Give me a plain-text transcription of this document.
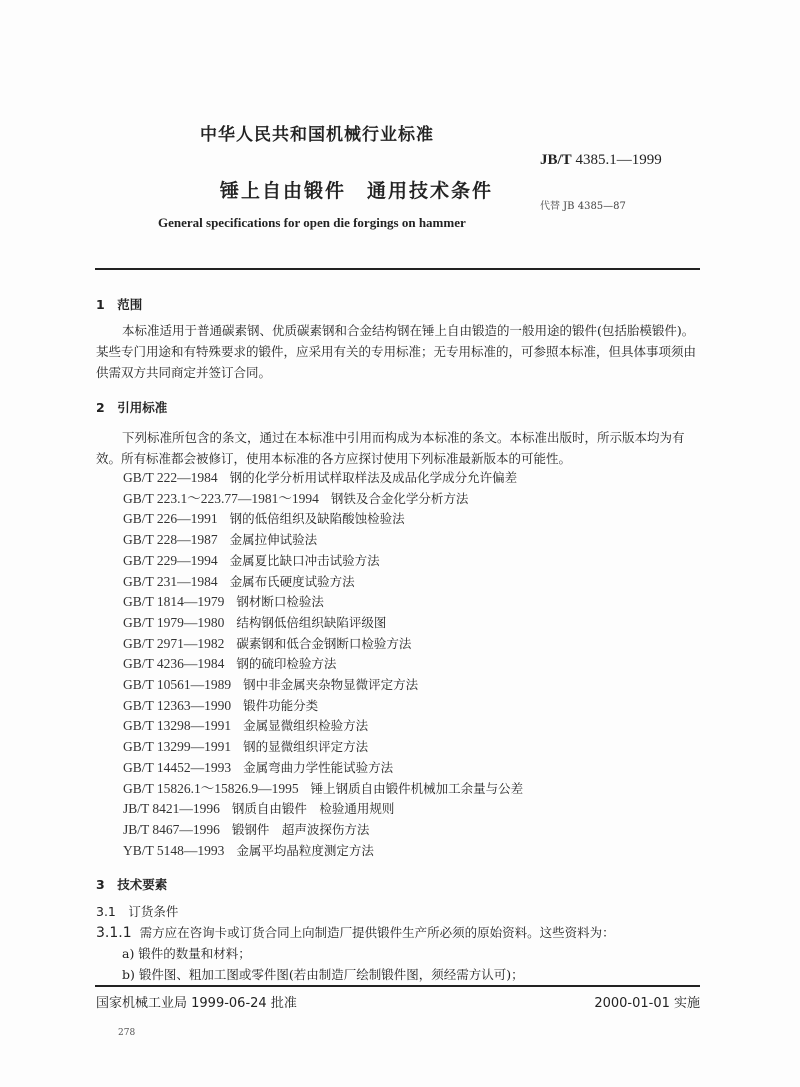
中华人民共和国机械行业标准
JB/T 4385.1—1999
锤上自由锻件　通用技术条件
代替 JB 4385—87
General specifications for open die forgings on hammer
1　范围

本标准适用于普通碳素钢、优质碳素钢和合金结构钢在锤上自由锻造的一般用途的锻件(包括胎模锻件)。某些专门用途和有特殊要求的锻件，应采用有关的专用标准；无专用标准的，可参照本标准，但具体事项须由供需双方共同商定并签订合同。

2　引用标准

下列标准所包含的条文，通过在本标准中引用而构成为本标准的条文。本标准出版时，所示版本均为有效。所有标准都会被修订，使用本标准的各方应探讨使用下列标准最新版本的可能性。

GB/T 222—1984 钢的化学分析用试样取样法及成品化学成分允许偏差
GB/T 223.1～223.77—1981～1994 钢铁及合金化学分析方法
GB/T 226—1991 钢的低倍组织及缺陷酸蚀检验法
GB/T 228—1987 金属拉伸试验法
GB/T 229—1994 金属夏比缺口冲击试验方法
GB/T 231—1984 金属布氏硬度试验方法
GB/T 1814—1979 钢材断口检验法
GB/T 1979—1980 结构钢低倍组织缺陷评级图
GB/T 2971—1982 碳素钢和低合金钢断口检验方法
GB/T 4236—1984 钢的硫印检验方法
GB/T 10561—1989 钢中非金属夹杂物显微评定方法
GB/T 12363—1990 锻件功能分类
GB/T 13298—1991 金属显微组织检验方法
GB/T 13299—1991 钢的显微组织评定方法
GB/T 14452—1993 金属弯曲力学性能试验方法
GB/T 15826.1～15826.9—1995 锤上钢质自由锻件机械加工余量与公差
JB/T 8421—1996 钢质自由锻件　检验通用规则
JB/T 8467—1996 锻钢件　超声波探伤方法
YB/T 5148—1993 金属平均晶粒度测定方法
3　技术要素
3.1　订货条件
3.1.1 需方应在咨询卡或订货合同上向制造厂提供锻件生产所必须的原始资料。这些资料为：
a) 锻件的数量和材料；
b) 锻件图、粗加工图或零件图(若由制造厂绘制锻件图，须经需方认可)；
国家机械工业局 1999-06-24 批准	2000-01-01 实施
278
